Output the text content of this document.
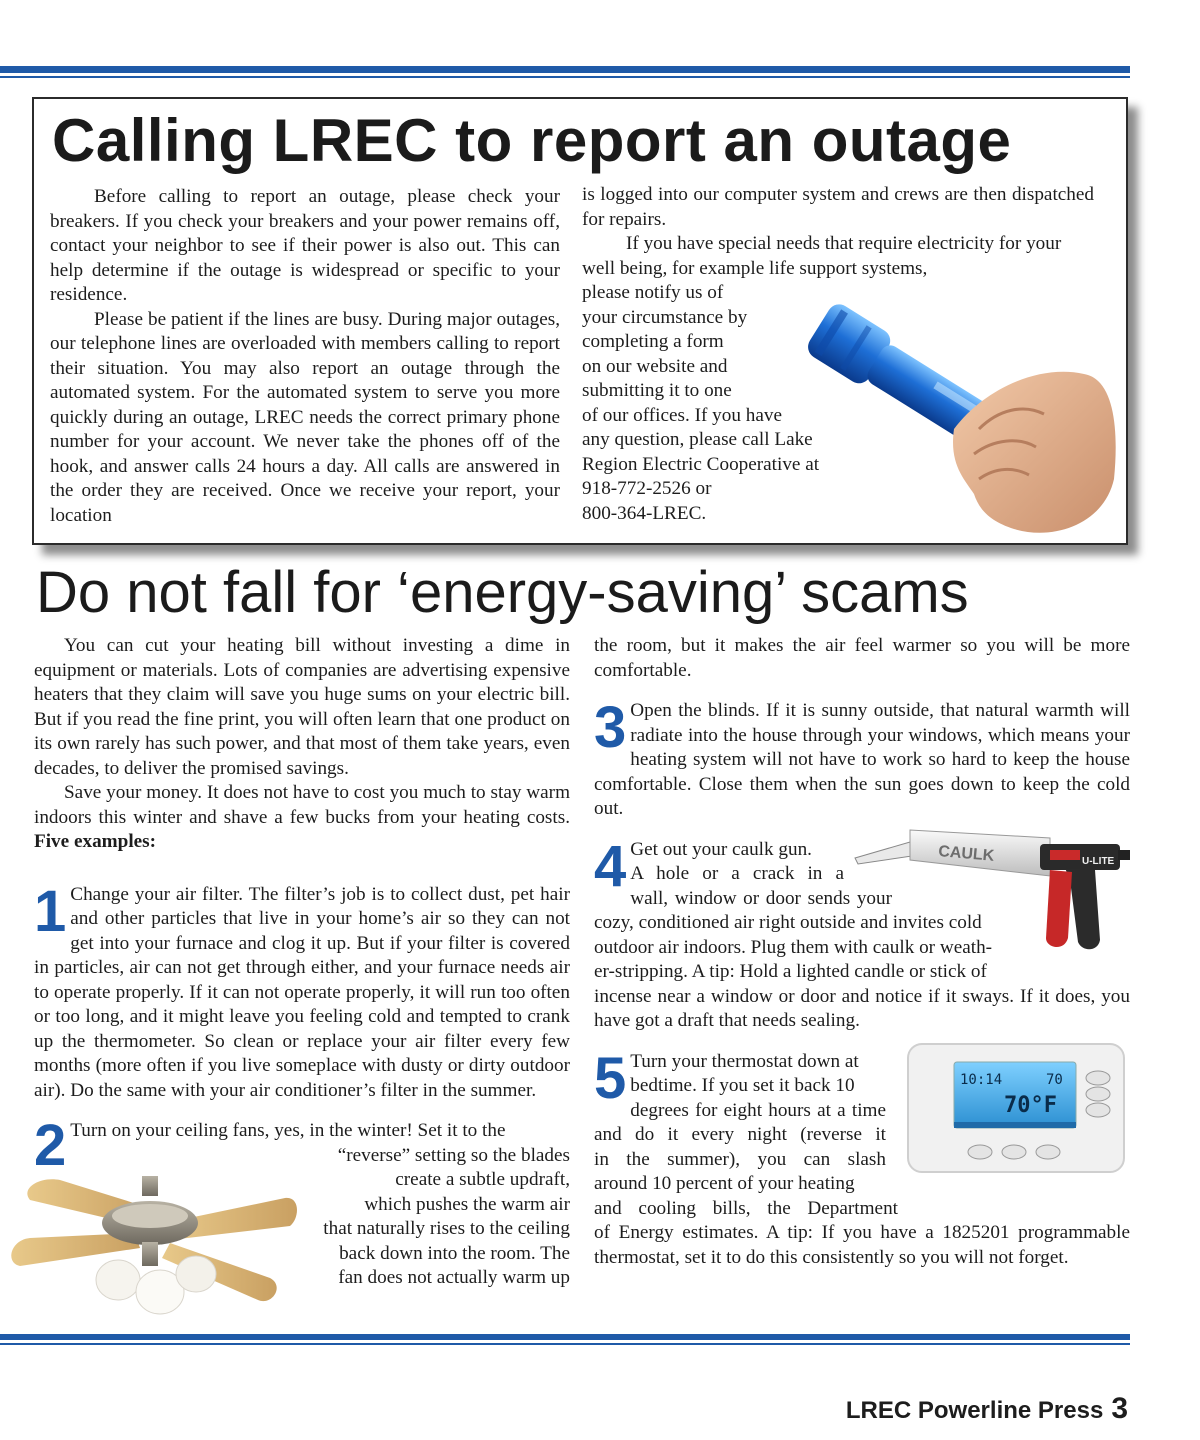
Calling LREC to report an outage

Before calling to report an outage, please check your breakers. If you check your breakers and your power remains off, contact your neighbor to see if their power is also out. This can help determine if the outage is widespread or specific to your residence.

Please be patient if the lines are busy. During major outages, our telephone lines are overloaded with members calling to report their situation. You may also report an outage through the automated system. For the automated system to serve you more quickly during an outage, LREC needs the correct primary phone number for your account. We never take the phones off of the hook, and answer calls 24 hours a day. All calls are answered in the order they are received. Once we receive your report, your location

is logged into our computer system and crews are then dispatched for repairs.

If you have special needs that require electricity for your well being, for example life support systems,

please notify us of
your circumstance by
completing a form
on our website and
submitting it to one
of our offices. If you have
any question, please call Lake
Region Electric Cooperative at
918-772-2526 or
800-364-LREC.
Do not fall for ‘energy-saving’ scams

You can cut your heating bill without investing a dime in equipment or materials. Lots of companies are advertising expensive heaters that they claim will save you huge sums on your electric bill. But if you read the fine print, you will often learn that one product on its own rarely has such power, and that most of them take years, even decades, to deliver the promised savings.

Save your money. It does not have to cost you much to stay warm indoors this winter and shave a few bucks from your heating costs. Five examples:

1 Change your air filter. The filter’s job is to collect dust, pet hair and other particles that live in your home’s air so they can not get into your furnace and clog it up. But if your filter is covered in particles, air can not get through either, and your furnace needs air to operate properly. If it can not operate properly, it will run too often or too long, and it might leave you feeling cold and tempted to crank up the thermometer. So clean or replace your air filter every few months (more often if you live someplace with dusty or dirty outdoor air). Do the same with your air conditioner’s filter in the summer.

2 Turn on your ceiling fans, yes, in the winter! Set it to the
“reverse” setting so the blades
create a subtle updraft,
which pushes the warm air
that naturally rises to the ceiling
back down into the room. The
fan does not actually warm up

the room, but it makes the air feel warmer so you will be more comfortable.

3 Open the blinds. If it is sunny outside, that natural warmth will radiate into the house through your windows, which means your heating system will not have to work so hard to keep the house comfortable. Close them when the sun goes down to keep the cold out.

4 Get out your caulk gun.
A hole or a crack in a
wall, window or door sends your
cozy, conditioned air right outside and invites cold
outdoor air indoors. Plug them with caulk or weath-
er-stripping. A tip: Hold a lighted candle or stick of
incense near a window or door and notice if it sways. If it does, you have got a draft that needs sealing.
5 Turn your thermostat down at
bedtime. If you set it back 10
degrees for eight hours at a time
and do it every night (reverse it
in the summer), you can slash
around 10 percent of your heating
and cooling bills, the Department
of Energy estimates. A tip: If you have a 1825201 programmable thermostat, set it to do this consistently so you will not forget.
CAULK	U-LITE
10:14	70
70°F
LREC Powerline Press 3
